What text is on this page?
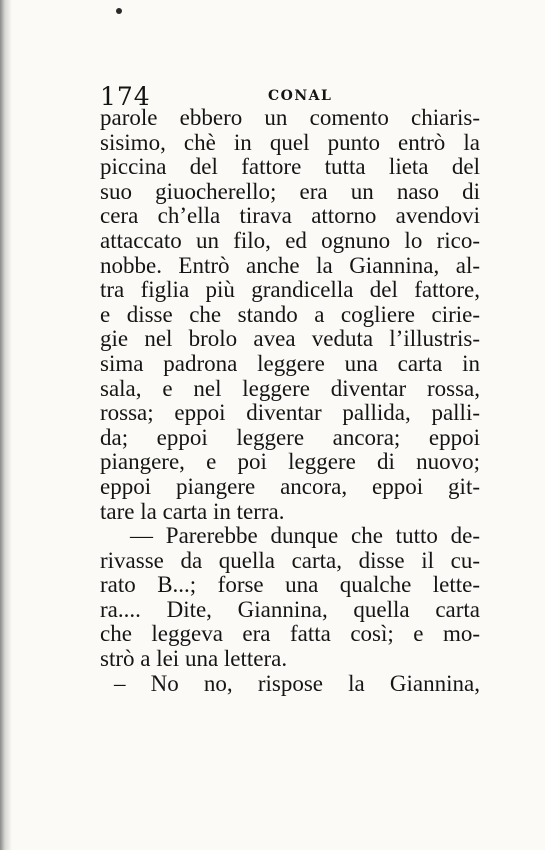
174	CONAL
parole ebbero un comento chiaris-
sisimo, chè in quel punto entrò la
piccina del fattore tutta lieta del
suo giuocherello; era un naso di
cera ch’ella tirava attorno avendovi
attaccato un filo, ed ognuno lo rico-
nobbe. Entrò anche la Giannina, al-
tra figlia più grandicella del fattore,
e disse che stando a cogliere cirie-
gie nel brolo avea veduta l’illustris-
sima padrona leggere una carta in
sala, e nel leggere diventar rossa,
rossa; eppoi diventar pallida, palli-
da; eppoi leggere ancora; eppoi
piangere, e poi leggere di nuovo;
eppoi piangere ancora, eppoi git-
tare la carta in terra.
— Parerebbe dunque che tutto de-
rivasse da quella carta, disse il cu-
rato B...; forse una qualche lette-
ra.... Dite, Giannina, quella carta
che leggeva era fatta così; e mo-
strò a lei una lettera.
– No no, rispose la Giannina,
